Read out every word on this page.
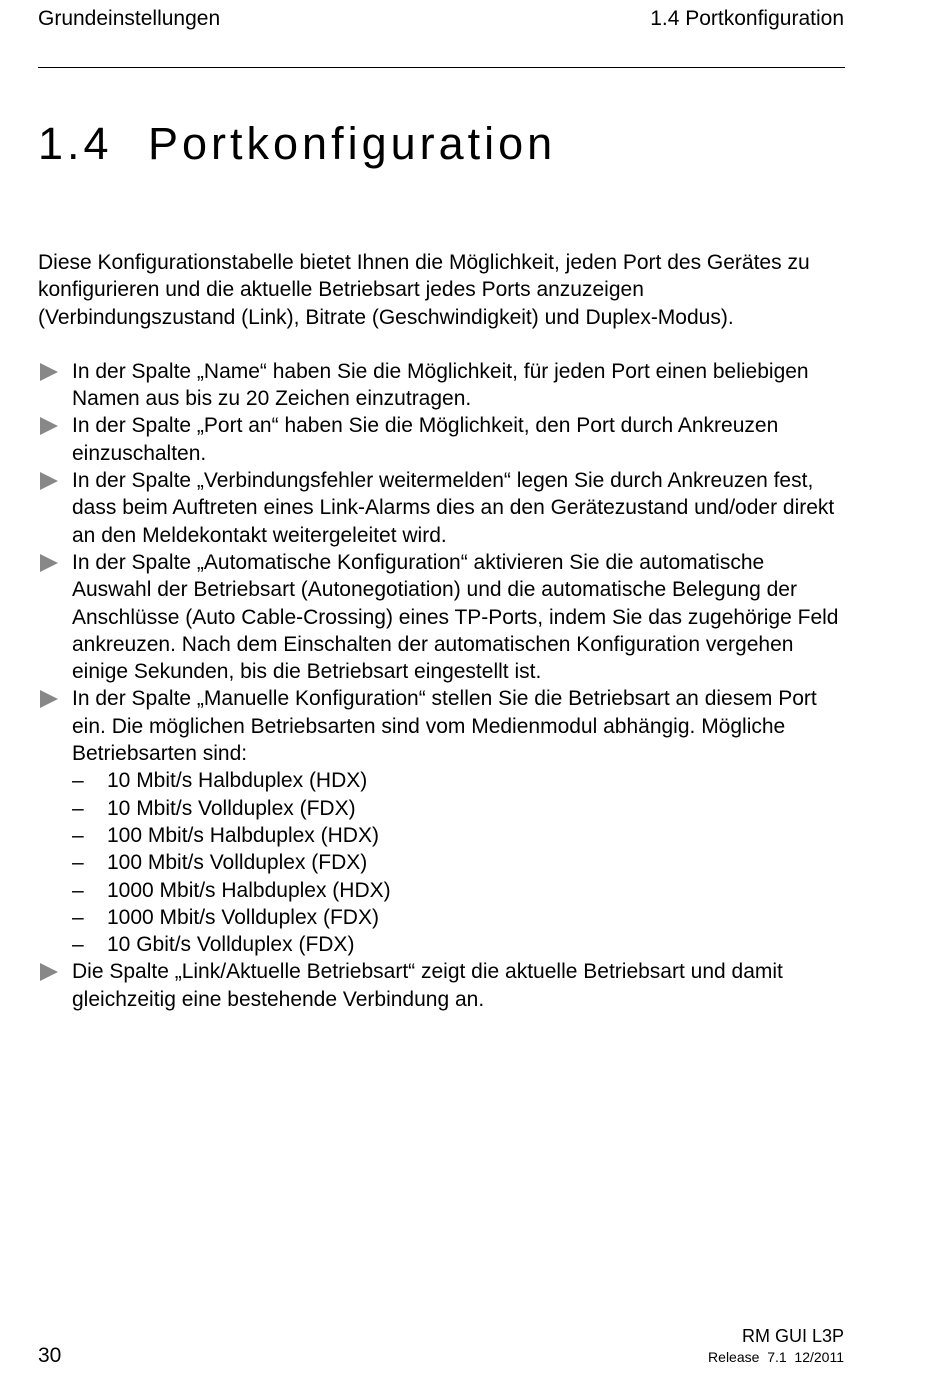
Grundeinstellungen	1.4 Portkonfiguration
1.4 Portkonfiguration

Diese Konfigurationstabelle bietet Ihnen die Möglichkeit, jeden Port des Gerätes zu konfigurieren und die aktuelle Betriebsart jedes Ports anzuzeigen (Verbindungszustand (Link), Bitrate (Geschwindigkeit) und Duplex-Modus).

In der Spalte „Name“ haben Sie die Möglichkeit, für jeden Port einen beliebigen Namen aus bis zu 20 Zeichen einzutragen.
In der Spalte „Port an“ haben Sie die Möglichkeit, den Port durch Ankreuzen einzuschalten.
In der Spalte „Verbindungsfehler weitermelden“ legen Sie durch Ankreuzen fest, dass beim Auftreten eines Link-Alarms dies an den Gerätezustand und/oder direkt an den Meldekontakt weitergeleitet wird.
In der Spalte „Automatische Konfiguration“ aktivieren Sie die automatische Auswahl der Betriebsart (Autonegotiation) und die automatische Belegung der Anschlüsse (Auto Cable-Crossing) eines TP-Ports, indem Sie das zugehörige Feld ankreuzen. Nach dem Einschalten der automatischen Konfiguration vergehen einige Sekunden, bis die Betriebsart eingestellt ist.
In der Spalte „Manuelle Konfiguration“ stellen Sie die Betriebsart an diesem Port ein. Die möglichen Betriebsarten sind vom Medienmodul abhängig. Mögliche Betriebsarten sind:
– 10 Mbit/s Halbduplex (HDX)
– 10 Mbit/s Vollduplex (FDX)
– 100 Mbit/s Halbduplex (HDX)
– 100 Mbit/s Vollduplex (FDX)
– 1000 Mbit/s Halbduplex (HDX)
– 1000 Mbit/s Vollduplex (FDX)
– 10 Gbit/s Vollduplex (FDX)
Die Spalte „Link/Aktuelle Betriebsart“ zeigt die aktuelle Betriebsart und damit gleichzeitig eine bestehende Verbindung an.
30
RM GUI L3P
Release  7.1  12/2011
